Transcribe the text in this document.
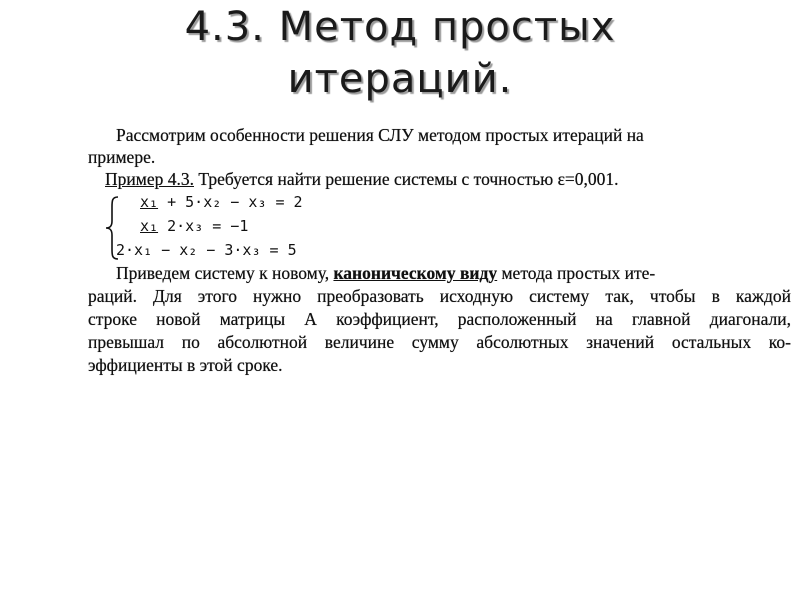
4.3. Метод простых
итераций.
Рассмотрим особенности решения СЛУ методом простых итераций на
примере.
Пример 4.3. Требуется найти решение системы с точностью ε=0,001.
x₁ + 5·x₂ − x₃ = 2
x₁ 2·x₃ = −1
2·x₁ − x₂ − 3·x₃ = 5
Приведем систему к новому, каноническому виду метода простых ите-
раций. Для этого нужно преобразовать исходную систему так, чтобы в каждой
строке новой матрицы А коэффициент, расположенный на главной диагонали,
превышал по абсолютной величине сумму абсолютных значений остальных ко-
эффициенты в этой сроке.
